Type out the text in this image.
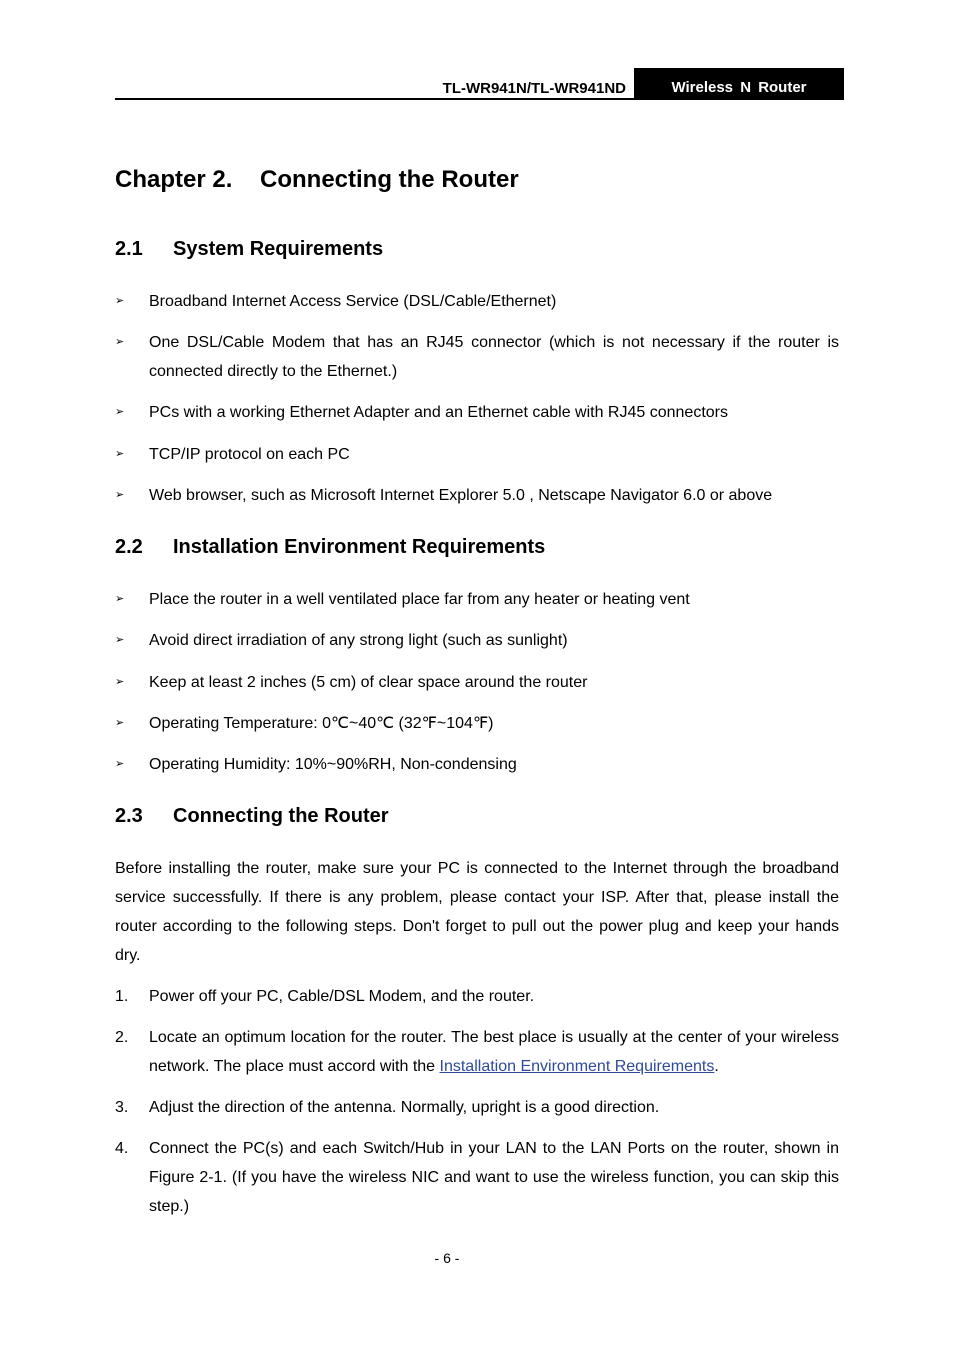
TL-WR941N/TL-WR941ND	Wireless N Router
Chapter 2. Connecting the Router
2.1 System Requirements
➢ Broadband Internet Access Service (DSL/Cable/Ethernet)
➢ One DSL/Cable Modem that has an RJ45 connector (which is not necessary if the router is connected directly to the Ethernet.)
➢ PCs with a working Ethernet Adapter and an Ethernet cable with RJ45 connectors
➢ TCP/IP protocol on each PC
➢ Web browser, such as Microsoft Internet Explorer 5.0 , Netscape Navigator 6.0 or above
2.2 Installation Environment Requirements
➢ Place the router in a well ventilated place far from any heater or heating vent
➢ Avoid direct irradiation of any strong light (such as sunlight)
➢ Keep at least 2 inches (5 cm) of clear space around the router
➢ Operating Temperature: 0℃~40℃ (32℉~104℉)
➢ Operating Humidity: 10%~90%RH, Non-condensing
2.3 Connecting the Router
Before installing the router, make sure your PC is connected to the Internet through the broadband service successfully. If there is any problem, please contact your ISP. After that, please install the router according to the following steps. Don't forget to pull out the power plug and keep your hands dry.
1. Power off your PC, Cable/DSL Modem, and the router.
2. Locate an optimum location for the router. The best place is usually at the center of your wireless network. The place must accord with the Installation Environment Requirements.
3. Adjust the direction of the antenna. Normally, upright is a good direction.
4. Connect the PC(s) and each Switch/Hub in your LAN to the LAN Ports on the router, shown in Figure 2-1. (If you have the wireless NIC and want to use the wireless function, you can skip this step.)
- 6 -
